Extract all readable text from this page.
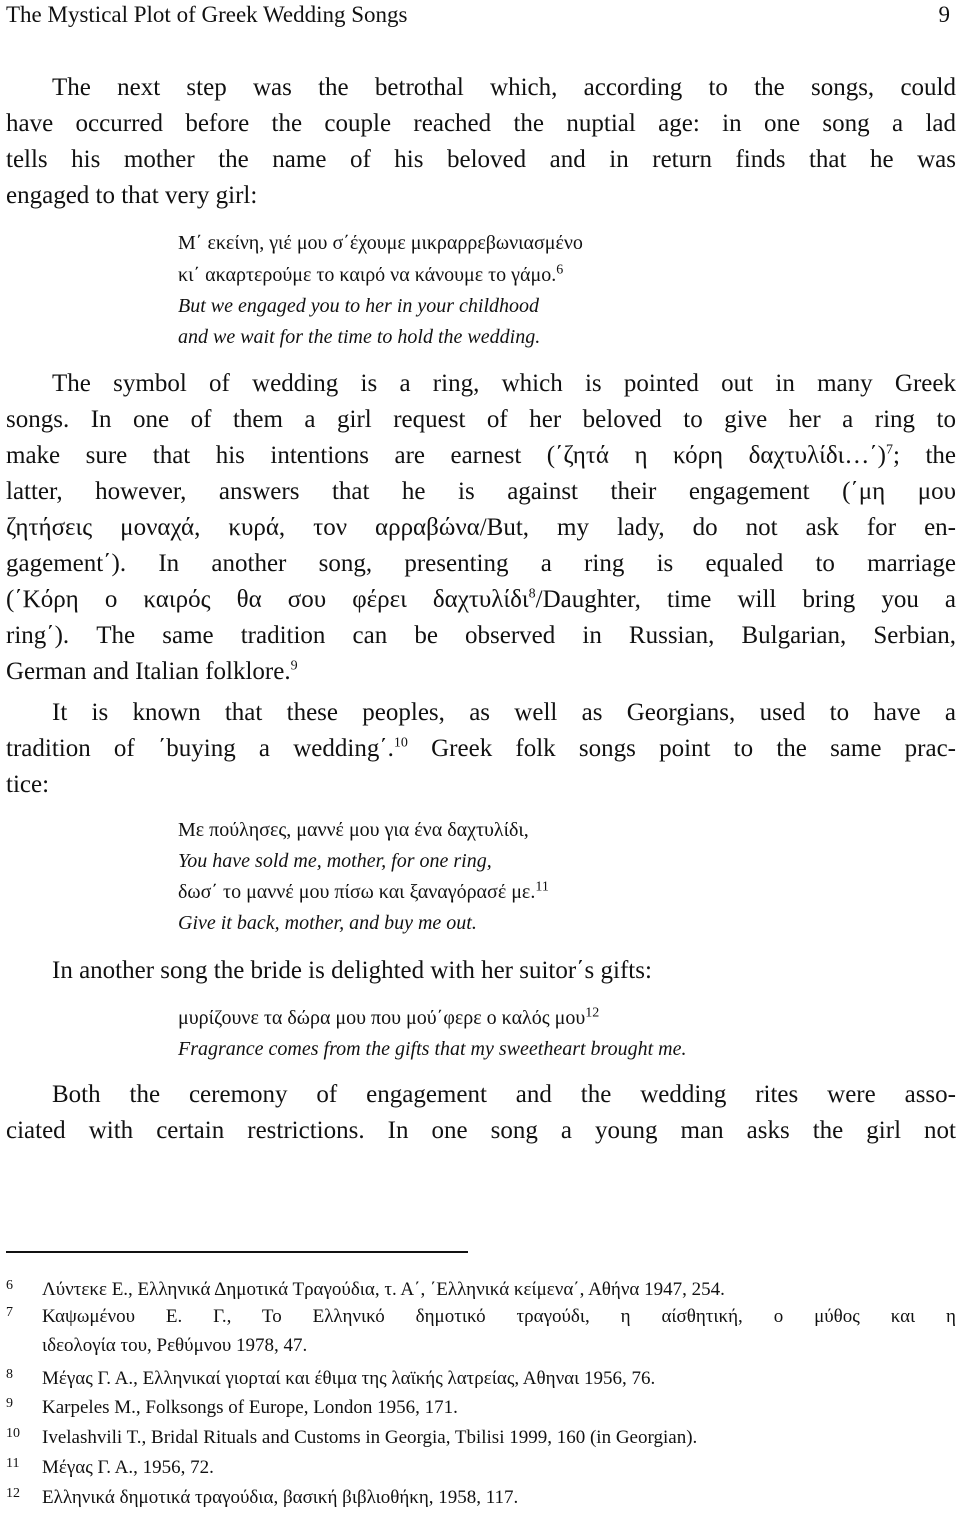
The Mystical Plot of Greek Wedding Songs	9
The next step was the betrothal which, according to the songs, could
have occurred before the couple reached the nuptial age: in one song a lad
tells his mother the name of his beloved and in return finds that he was
engaged to that very girl:
Μ΄ εκείνη, γιέ μου σ΄έχουμε μικραρρεβωνιασμένο
κι΄ ακαρτερούμε το καιρό να κάνουμε το γάμο.$^6$
But we engaged you to her in your childhood
and we wait for the time to hold the wedding.
The symbol of wedding is a ring, which is pointed out in many Greek
songs. In one of them a girl request of her beloved to give her a ring to
make sure that his intentions are earnest (΄ζητά η κόρη δαχτυλίδι…΄)$^7$; the
latter, however, answers that he is against their engagement (΄μη μου
ζητήσεις μοναχά, κυρά, τον αρραβώνα/But, my lady, do not ask for en-
gagement΄). In another song, presenting a ring is equaled to marriage
(΄Κόρη ο καιρός θα σου φέρει δαχτυλίδι$^8$/Daughter, time will bring you a
ring΄). The same tradition can be observed in Russian, Bulgarian, Serbian,
German and Italian folklore.$^9$
It is known that these peoples, as well as Georgians, used to have a
tradition of ΄buying a wedding΄.$^{10}$ Greek folk songs point to the same prac-
tice:
Με πούλησες, μαννέ μου για ένα δαχτυλίδι,
You have sold me, mother, for one ring,
δωσ΄ το μαννέ μου πίσω και ξαναγόρασέ με.$^{11}$
Give it back, mother, and buy me out.
In another song the bride is delighted with her suitor΄s gifts:
μυρίζουνε τα δώρα μου που μού΄φερε ο καλός μου$^{12}$
Fragrance comes from the gifts that my sweetheart brought me.
Both the ceremony of engagement and the wedding rites were asso-
ciated with certain restrictions. In one song a young man asks the girl not
6 Λύντεκε Ε., Ελληνικά Δημοτικά Τραγούδια, τ. Α΄, ΄Ελληνικά κείμενα΄, Αθήνα 1947, 254.
7 Καψωμένου Ε. Γ., Το Ελληνικό δημοτικό τραγούδι, η αίσθητική, ο μύθος και η
ιδεολογία του, Ρεθύμνου 1978, 47.
8 Μέγας Γ. Α., Ελληνικαί γιορταί και έθιμα της λαϊκής λατρείας, Αθηναι 1956, 76.
9 Karpeles M., Folksongs of Europe, London 1956, 171.
10 Ivelashvili T., Bridal Rituals and Customs in Georgia, Tbilisi 1999, 160 (in Georgian).
11 Μέγας Γ. Α., 1956, 72.
12 Ελληνικά δημοτικά τραγούδια, βασική βιβλιοθήκη, 1958, 117.
